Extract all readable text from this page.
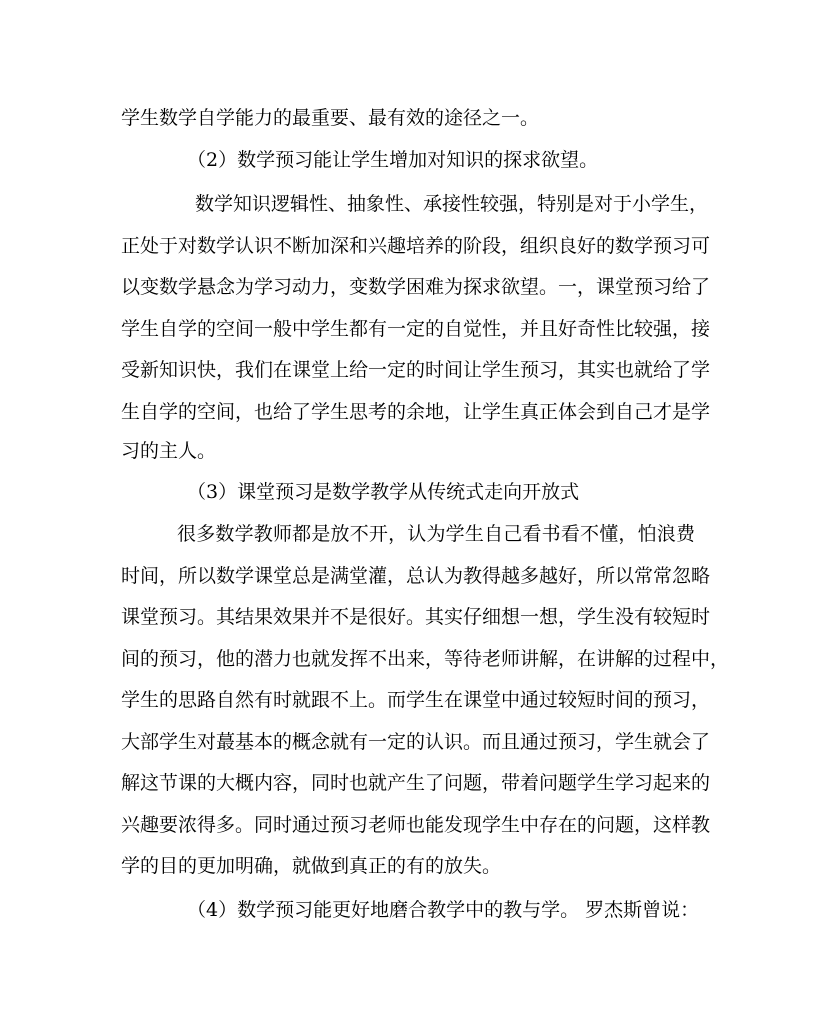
学生数学自学能力的最重要、最有效的途径之一。
（2）数学预习能让学生增加对知识的探求欲望。
数学知识逻辑性、抽象性、承接性较强，特别是对于小学生，
正处于对数学认识不断加深和兴趣培养的阶段，组织良好的数学预习可
以变数学悬念为学习动力，变数学困难为探求欲望。一，课堂预习给了
学生自学的空间一般中学生都有一定的自觉性，并且好奇性比较强，接
受新知识快，我们在课堂上给一定的时间让学生预习，其实也就给了学
生自学的空间，也给了学生思考的余地，让学生真正体会到自己才是学
习的主人。
（3）课堂预习是数学教学从传统式走向开放式
很多数学教师都是放不开，认为学生自己看书看不懂，怕浪费
时间，所以数学课堂总是满堂灌，总认为教得越多越好，所以常常忽略
课堂预习。其结果效果并不是很好。其实仔细想一想，学生没有较短时
间的预习，他的潜力也就发挥不出来，等待老师讲解，在讲解的过程中，
学生的思路自然有时就跟不上。而学生在课堂中通过较短时间的预习，
大部学生对蕞基本的概念就有一定的认识。而且通过预习，学生就会了
解这节课的大概内容，同时也就产生了问题，带着问题学生学习起来的
兴趣要浓得多。同时通过预习老师也能发现学生中存在的问题，这样教
学的目的更加明确，就做到真正的有的放失。
（4）数学预习能更好地磨合教学中的教与学。 罗杰斯曾说：
